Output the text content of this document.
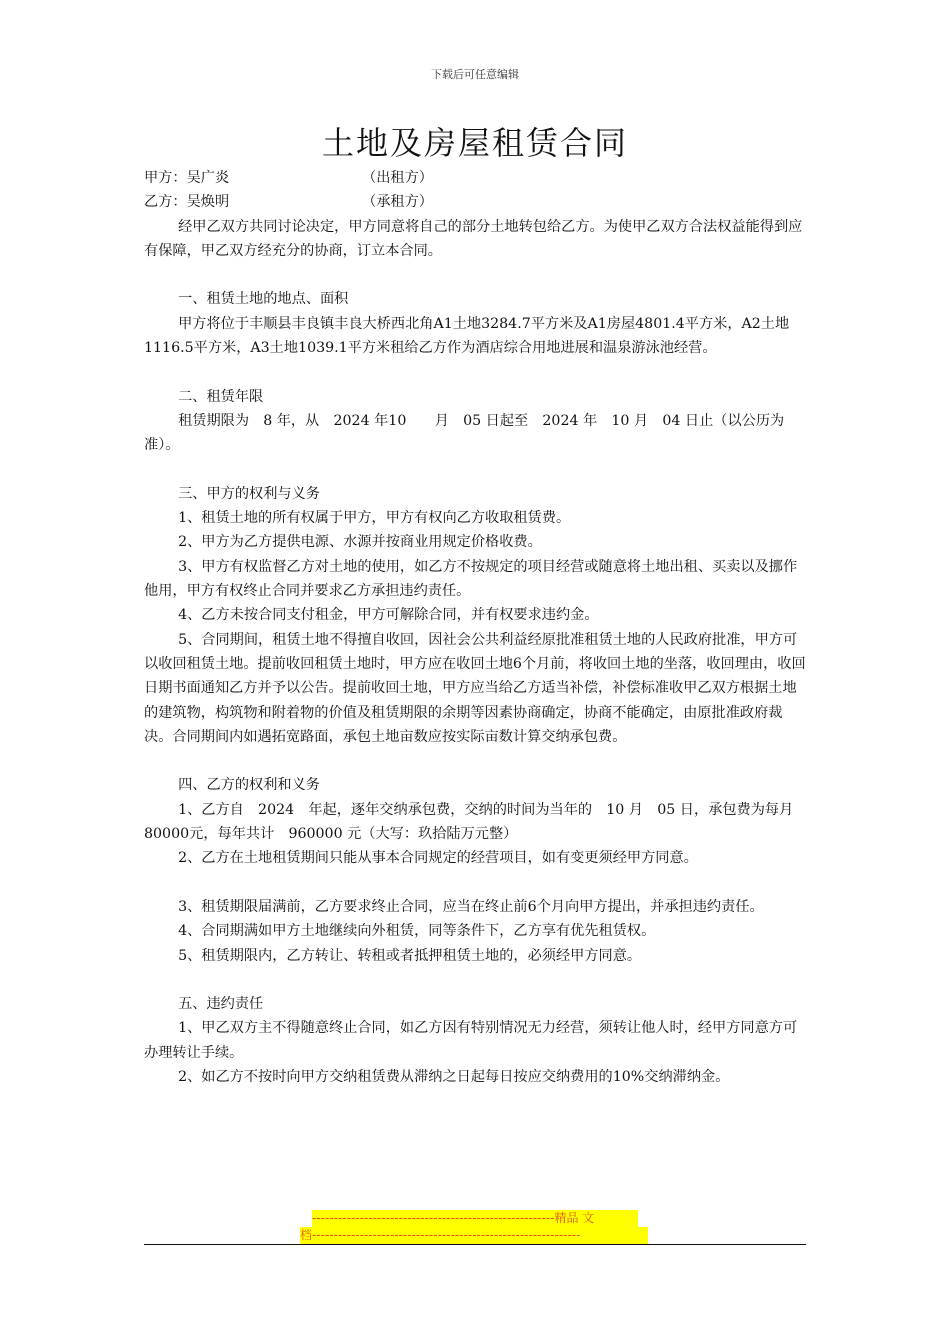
下载后可任意编辑
土地及房屋租赁合同
甲方：吴广炎	（出租方）
乙方：吴焕明	（承租方）

经甲乙双方共同讨论决定，甲方同意将自己的部分土地转包给乙方。为使甲乙双方合法权益能得到应有保障，甲乙双方经充分的协商，订立本合同。

一、租赁土地的地点、面积

甲方将位于丰顺县丰良镇丰良大桥西北角A1土地3284.7平方米及A1房屋4801.4平方米，A2土地1116.5平方米，A3土地1039.1平方米租给乙方作为酒店综合用地进展和温泉游泳池经营。

二、租赁年限

租赁期限为　8 年，从　2024 年10　　月　05 日起至　2024 年　10 月　04 日止（以公历为准）。

三、甲方的权利与义务

1、租赁土地的所有权属于甲方，甲方有权向乙方收取租赁费。

2、甲方为乙方提供电源、水源并按商业用规定价格收费。

3、甲方有权监督乙方对土地的使用，如乙方不按规定的项目经营或随意将土地出租、买卖以及挪作他用，甲方有权终止合同并要求乙方承担违约责任。

4、乙方未按合同支付租金，甲方可解除合同，并有权要求违约金。

5、合同期间，租赁土地不得擅自收回，因社会公共利益经原批准租赁土地的人民政府批准，甲方可以收回租赁土地。提前收回租赁土地时，甲方应在收回土地6个月前，将收回土地的坐落，收回理由，收回日期书面通知乙方并予以公告。提前收回土地，甲方应当给乙方适当补偿，补偿标准收甲乙双方根据土地的建筑物，构筑物和附着物的价值及租赁期限的余期等因素协商确定，协商不能确定，由原批准政府裁决。合同期间内如遇拓宽路面，承包土地亩数应按实际亩数计算交纳承包费。

四、乙方的权利和义务

1、乙方自　2024　年起，逐年交纳承包费，交纳的时间为当年的　10 月　05 日，承包费为每月80000元，每年共计　960000 元（大写：玖拾陆万元整）

2、乙方在土地租赁期间只能从事本合同规定的经营项目，如有变更须经甲方同意。

3、租赁期限届满前，乙方要求终止合同，应当在终止前6个月向甲方提出，并承担违约责任。

4、合同期满如甲方土地继续向外租赁，同等条件下，乙方享有优先租赁权。

5、租赁期限内，乙方转让、转租或者抵押租赁土地的，必须经甲方同意。

五、违约责任

1、甲乙双方主不得随意终止合同，如乙方因有特别情况无力经营，须转让他人时，经甲方同意方可办理转让手续。

2、如乙方不按时向甲方交纳租赁费从滞纳之日起每日按应交纳费用的10%交纳滞纳金。

--------------------------------------------------------精品 文
档--------------------------------------------------------------
